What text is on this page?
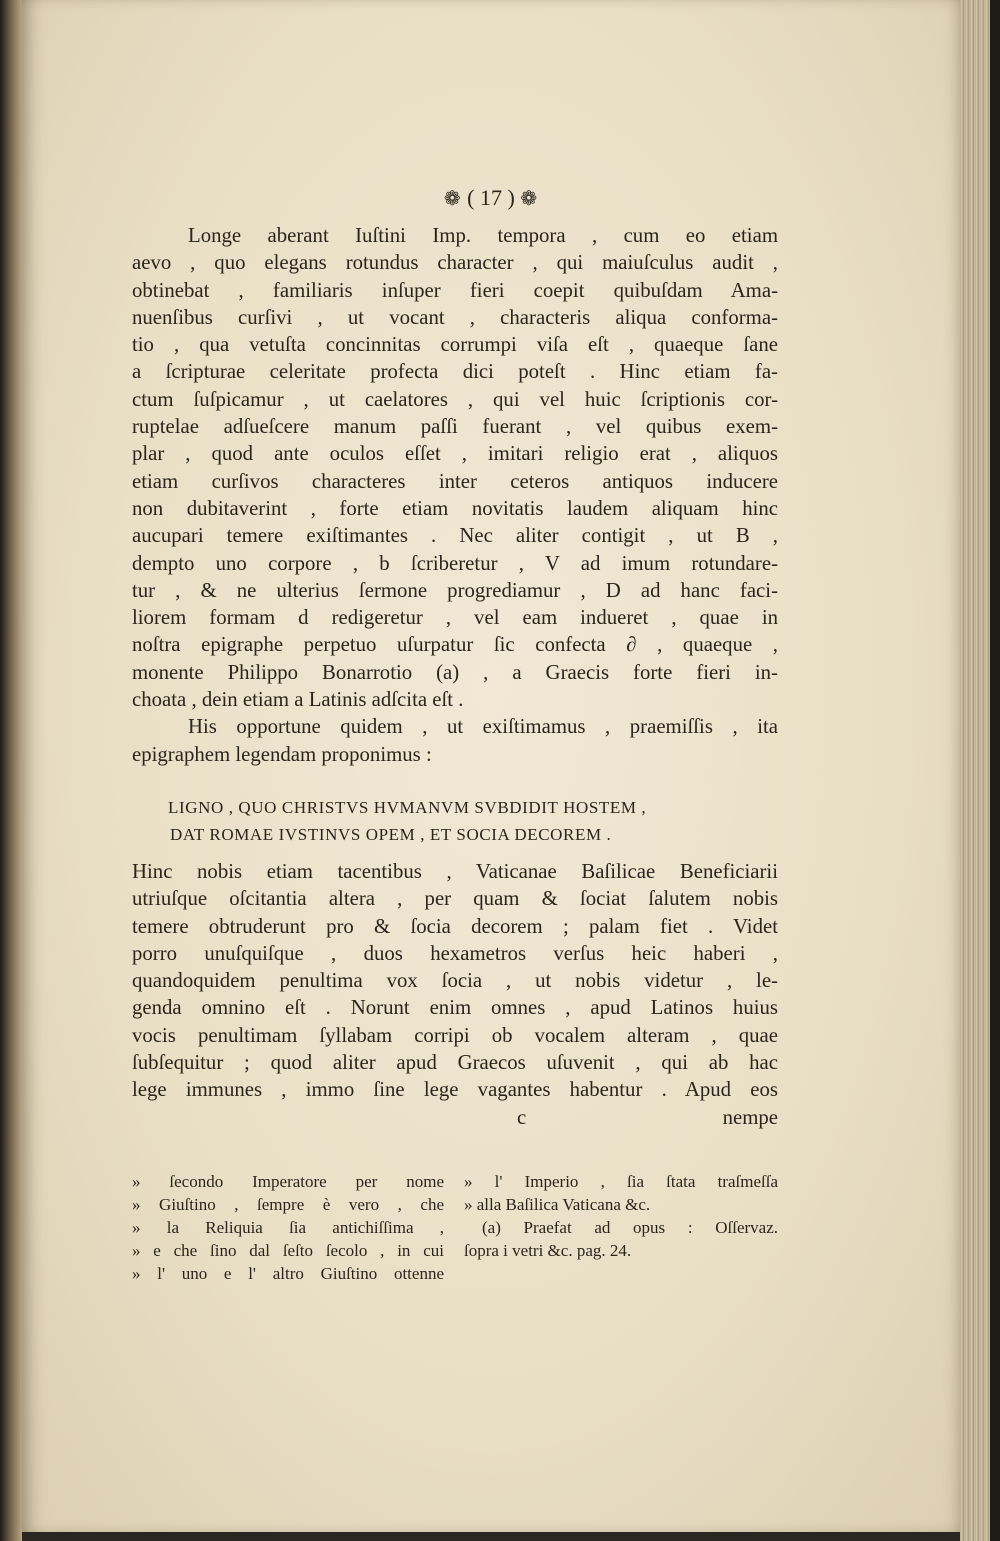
❁ ( 17 ) ❁
Longe aberant Iuſtini Imp. tempora , cum eo etiam
aevo , quo elegans rotundus character , qui maiuſculus audit ,
obtinebat , familiaris inſuper fieri coepit quibuſdam Ama-
nuenſibus curſivi , ut vocant , characteris aliqua conforma-
tio , qua vetuſta concinnitas corrumpi viſa eſt , quaeque ſane
a ſcripturae celeritate profecta dici poteſt . Hinc etiam fa-
ctum ſuſpicamur , ut caelatores , qui vel huic ſcriptionis cor-
ruptelae adſueſcere manum paſſi fuerant , vel quibus exem-
plar , quod ante oculos eſſet , imitari religio erat , aliquos
etiam curſivos characteres inter ceteros antiquos inducere
non dubitaverint , forte etiam novitatis laudem aliquam hinc
aucupari temere exiſtimantes . Nec aliter contigit , ut B ,
dempto uno corpore , b ſcriberetur , V ad imum rotundare-
tur , & ne ulterius ſermone progrediamur , D ad hanc faci-
liorem formam d redigeretur , vel eam indueret , quae in
noſtra epigraphe perpetuo uſurpatur ſic confecta ∂ , quaeque ,
monente Philippo Bonarrotio (a) , a Graecis forte fieri in-
choata , dein etiam a Latinis adſcita eſt .
His opportune quidem , ut exiſtimamus , praemiſſis , ita
epigraphem legendam proponimus :
LIGNO , QUO CHRISTVS HVMANVM SVBDIDIT HOSTEM ,
DAT ROMAE IVSTINVS OPEM , ET SOCIA DECOREM .
Hinc nobis etiam tacentibus , Vaticanae Baſilicae Beneficiarii
utriuſque oſcitantia altera , per quam & ſociat ſalutem nobis
temere obtruderunt pro & ſocia decorem ; palam fiet . Videt
porro unuſquiſque , duos hexametros verſus heic haberi ,
quandoquidem penultima vox ſocia , ut nobis videtur , le-
genda omnino eſt . Norunt enim omnes , apud Latinos huius
vocis penultimam ſyllabam corripi ob vocalem alteram , quae
ſubſequitur ; quod aliter apud Graecos uſuvenit , qui ab hac
lege immunes , immo ſine lege vagantes habentur . Apud eos
c	nempe
» ſecondo Imperatore per nome
» Giuſtino , ſempre è vero , che
» la Reliquia ſia antichiſſima ,
» e che ſino dal ſeſto ſecolo , in cui
» l' uno e l' altro Giuſtino ottenne
» l' Imperio , ſia ſtata traſmeſſa
» alla Baſilica Vaticana &c.
(a) Praefat ad opus : Oſſervaz.
ſopra i vetri &c. pag. 24.
